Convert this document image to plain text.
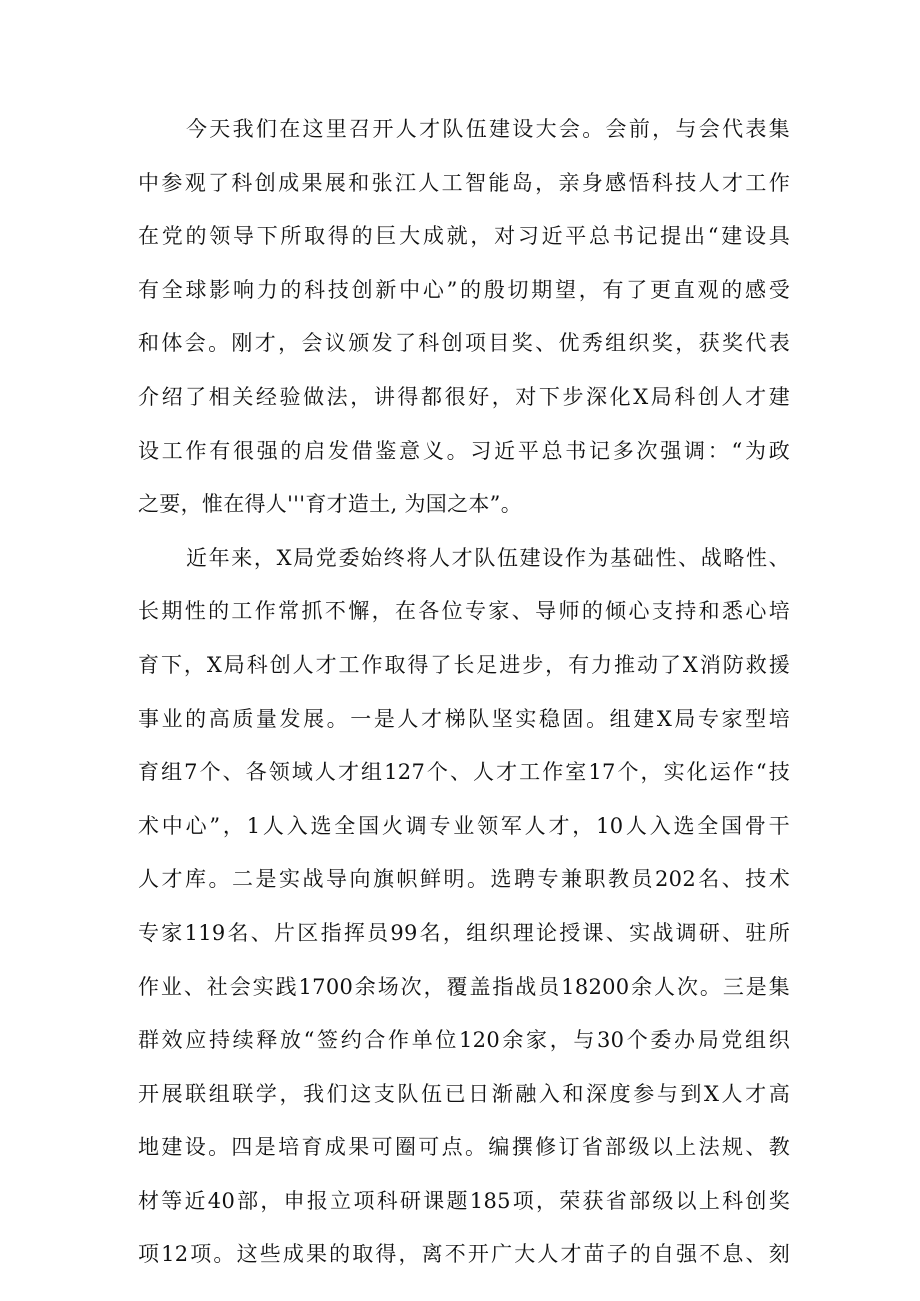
今天我们在这里召开人才队伍建设大会。会前，与会代表集
中参观了科创成果展和张江人工智能岛，亲身感悟科技人才工作
在党的领导下所取得的巨大成就，对习近平总书记提出“建设具
有全球影响力的科技创新中心”的殷切期望，有了更直观的感受
和体会。刚才，会议颁发了科创项目奖、优秀组织奖，获奖代表
介绍了相关经验做法，讲得都很好，对下步深化X局科创人才建
设工作有很强的启发借鉴意义。习近平总书记多次强调：“为政
之要，惟在得人'''育才造土, 为国之本”。
近年来，X局党委始终将人才队伍建设作为基础性、战略性、
长期性的工作常抓不懈，在各位专家、导师的倾心支持和悉心培
育下，X局科创人才工作取得了长足进步，有力推动了X消防救援
事业的高质量发展。一是人才梯队坚实稳固。组建X局专家型培
育组7个、各领域人才组127个、人才工作室17个，实化运作“技
术中心”，1人入选全国火调专业领军人才，10人入选全国骨干
人才库。二是实战导向旗帜鲜明。选聘专兼职教员202名、技术
专家119名、片区指挥员99名，组织理论授课、实战调研、驻所
作业、社会实践1700余场次，覆盖指战员18200余人次。三是集
群效应持续释放“签约合作单位120余家，与30个委办局党组织
开展联组联学，我们这支队伍已日渐融入和深度参与到X人才高
地建设。四是培育成果可圈可点。编撰修订省部级以上法规、教
材等近40部，申报立项科研课题185项，荣获省部级以上科创奖
项12项。这些成果的取得，离不开广大人才苗子的自强不息、刻
